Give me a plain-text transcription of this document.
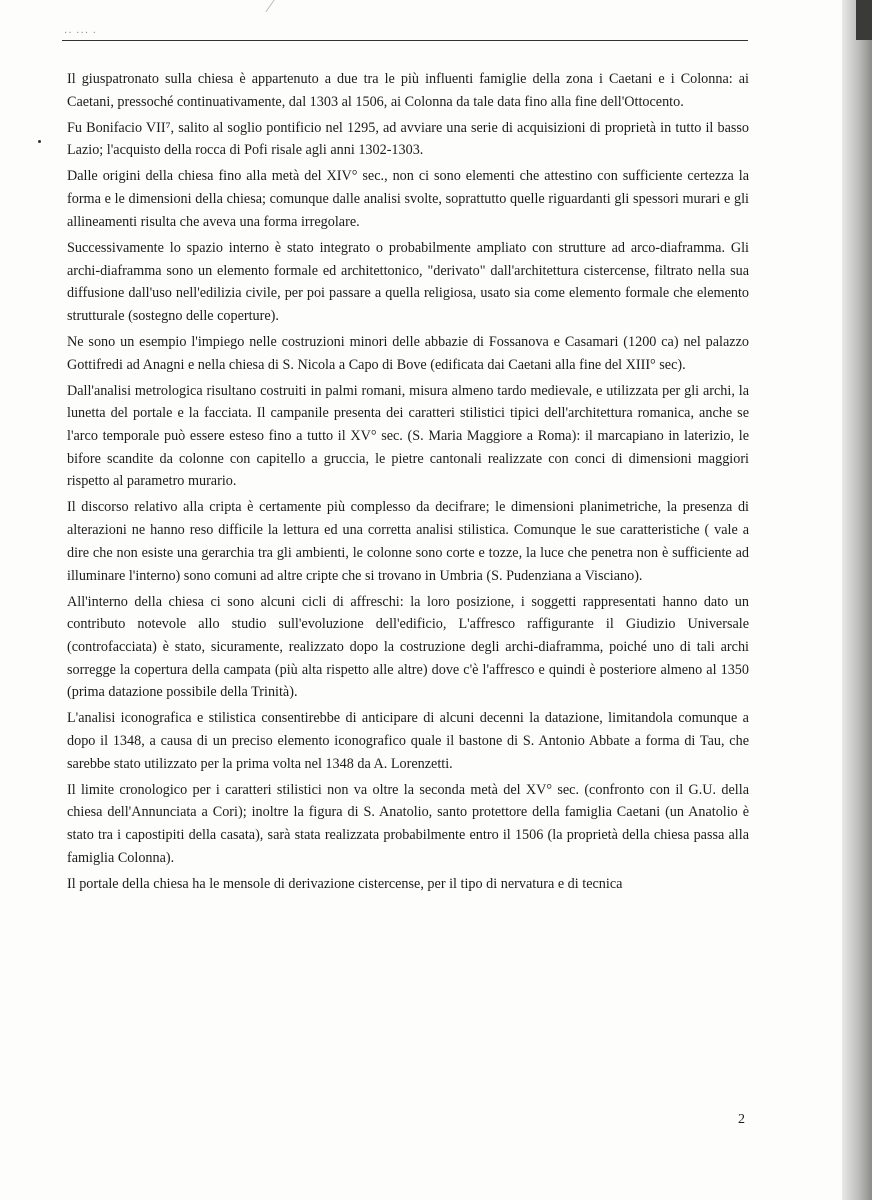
·· ··· ·

Il giuspatronato sulla chiesa è appartenuto a due tra le più influenti famiglie della zona i Caetani e i Colonna: ai Caetani, pressoché continuativamente, dal 1303 al 1506, ai Colonna da tale data fino alla fine dell'Ottocento.

Fu Bonifacio VII⁷, salito al soglio pontificio nel 1295, ad avviare una serie di acquisizioni di proprietà in tutto il basso Lazio; l'acquisto della rocca di Pofi risale agli anni 1302-1303.

Dalle origini della chiesa fino alla metà del XIV° sec., non ci sono elementi che attestino con sufficiente certezza la forma e le dimensioni della chiesa; comunque dalle analisi svolte, soprattutto quelle riguardanti gli spessori murari e gli allineamenti risulta che aveva una forma irregolare.

Successivamente lo spazio interno è stato integrato o probabilmente ampliato con strutture ad arco-diaframma. Gli archi-diaframma sono un elemento formale ed architettonico, "derivato" dall'architettura cistercense, filtrato nella sua diffusione dall'uso nell'edilizia civile, per poi passare a quella religiosa, usato sia come elemento formale che elemento strutturale (sostegno delle coperture).

Ne sono un esempio l'impiego nelle costruzioni minori delle abbazie di Fossanova e Casamari (1200 ca) nel palazzo Gottifredi ad Anagni e nella chiesa di S. Nicola a Capo di Bove (edificata dai Caetani alla fine del XIII° sec).

Dall'analisi metrologica risultano costruiti in palmi romani, misura almeno tardo medievale, e utilizzata per gli archi, la lunetta del portale e la facciata. Il campanile presenta dei caratteri stilistici tipici dell'architettura romanica, anche se l'arco temporale può essere esteso fino a tutto il XV° sec. (S. Maria Maggiore a Roma): il marcapiano in laterizio, le bifore scandite da colonne con capitello a gruccia, le pietre cantonali realizzate con conci di dimensioni maggiori rispetto al parametro murario.

Il discorso relativo alla cripta è certamente più complesso da decifrare; le dimensioni planimetriche, la presenza di alterazioni ne hanno reso difficile la lettura ed una corretta analisi stilistica. Comunque le sue caratteristiche ( vale a dire che non esiste una gerarchia tra gli ambienti, le colonne sono corte e tozze, la luce che penetra non è sufficiente ad illuminare l'interno) sono comuni ad altre cripte che si trovano in Umbria (S. Pudenziana a Visciano).

All'interno della chiesa ci sono alcuni cicli di affreschi: la loro posizione, i soggetti rappresentati hanno dato un contributo notevole allo studio sull'evoluzione dell'edificio, L'affresco raffigurante il Giudizio Universale (controfacciata) è stato, sicuramente, realizzato dopo la costruzione degli archi-diaframma, poiché uno di tali archi sorregge la copertura della campata (più alta rispetto alle altre) dove c'è l'affresco e quindi è posteriore almeno al 1350 (prima datazione possibile della Trinità).

L'analisi iconografica e stilistica consentirebbe di anticipare di alcuni decenni la datazione, limitandola comunque a dopo il 1348, a causa di un preciso elemento iconografico quale il bastone di S. Antonio Abbate a forma di Tau, che sarebbe stato utilizzato per la prima volta nel 1348 da A. Lorenzetti.

Il limite cronologico per i caratteri stilistici non va oltre la seconda metà del XV° sec. (confronto con il G.U. della chiesa dell'Annunciata a Cori); inoltre la figura di S. Anatolio, santo protettore della famiglia Caetani (un Anatolio è stato tra i capostipiti della casata), sarà stata realizzata probabilmente entro il 1506 (la proprietà della chiesa passa alla famiglia Colonna).

Il portale della chiesa ha le mensole di derivazione cistercense, per il tipo di nervatura e di tecnica

2
